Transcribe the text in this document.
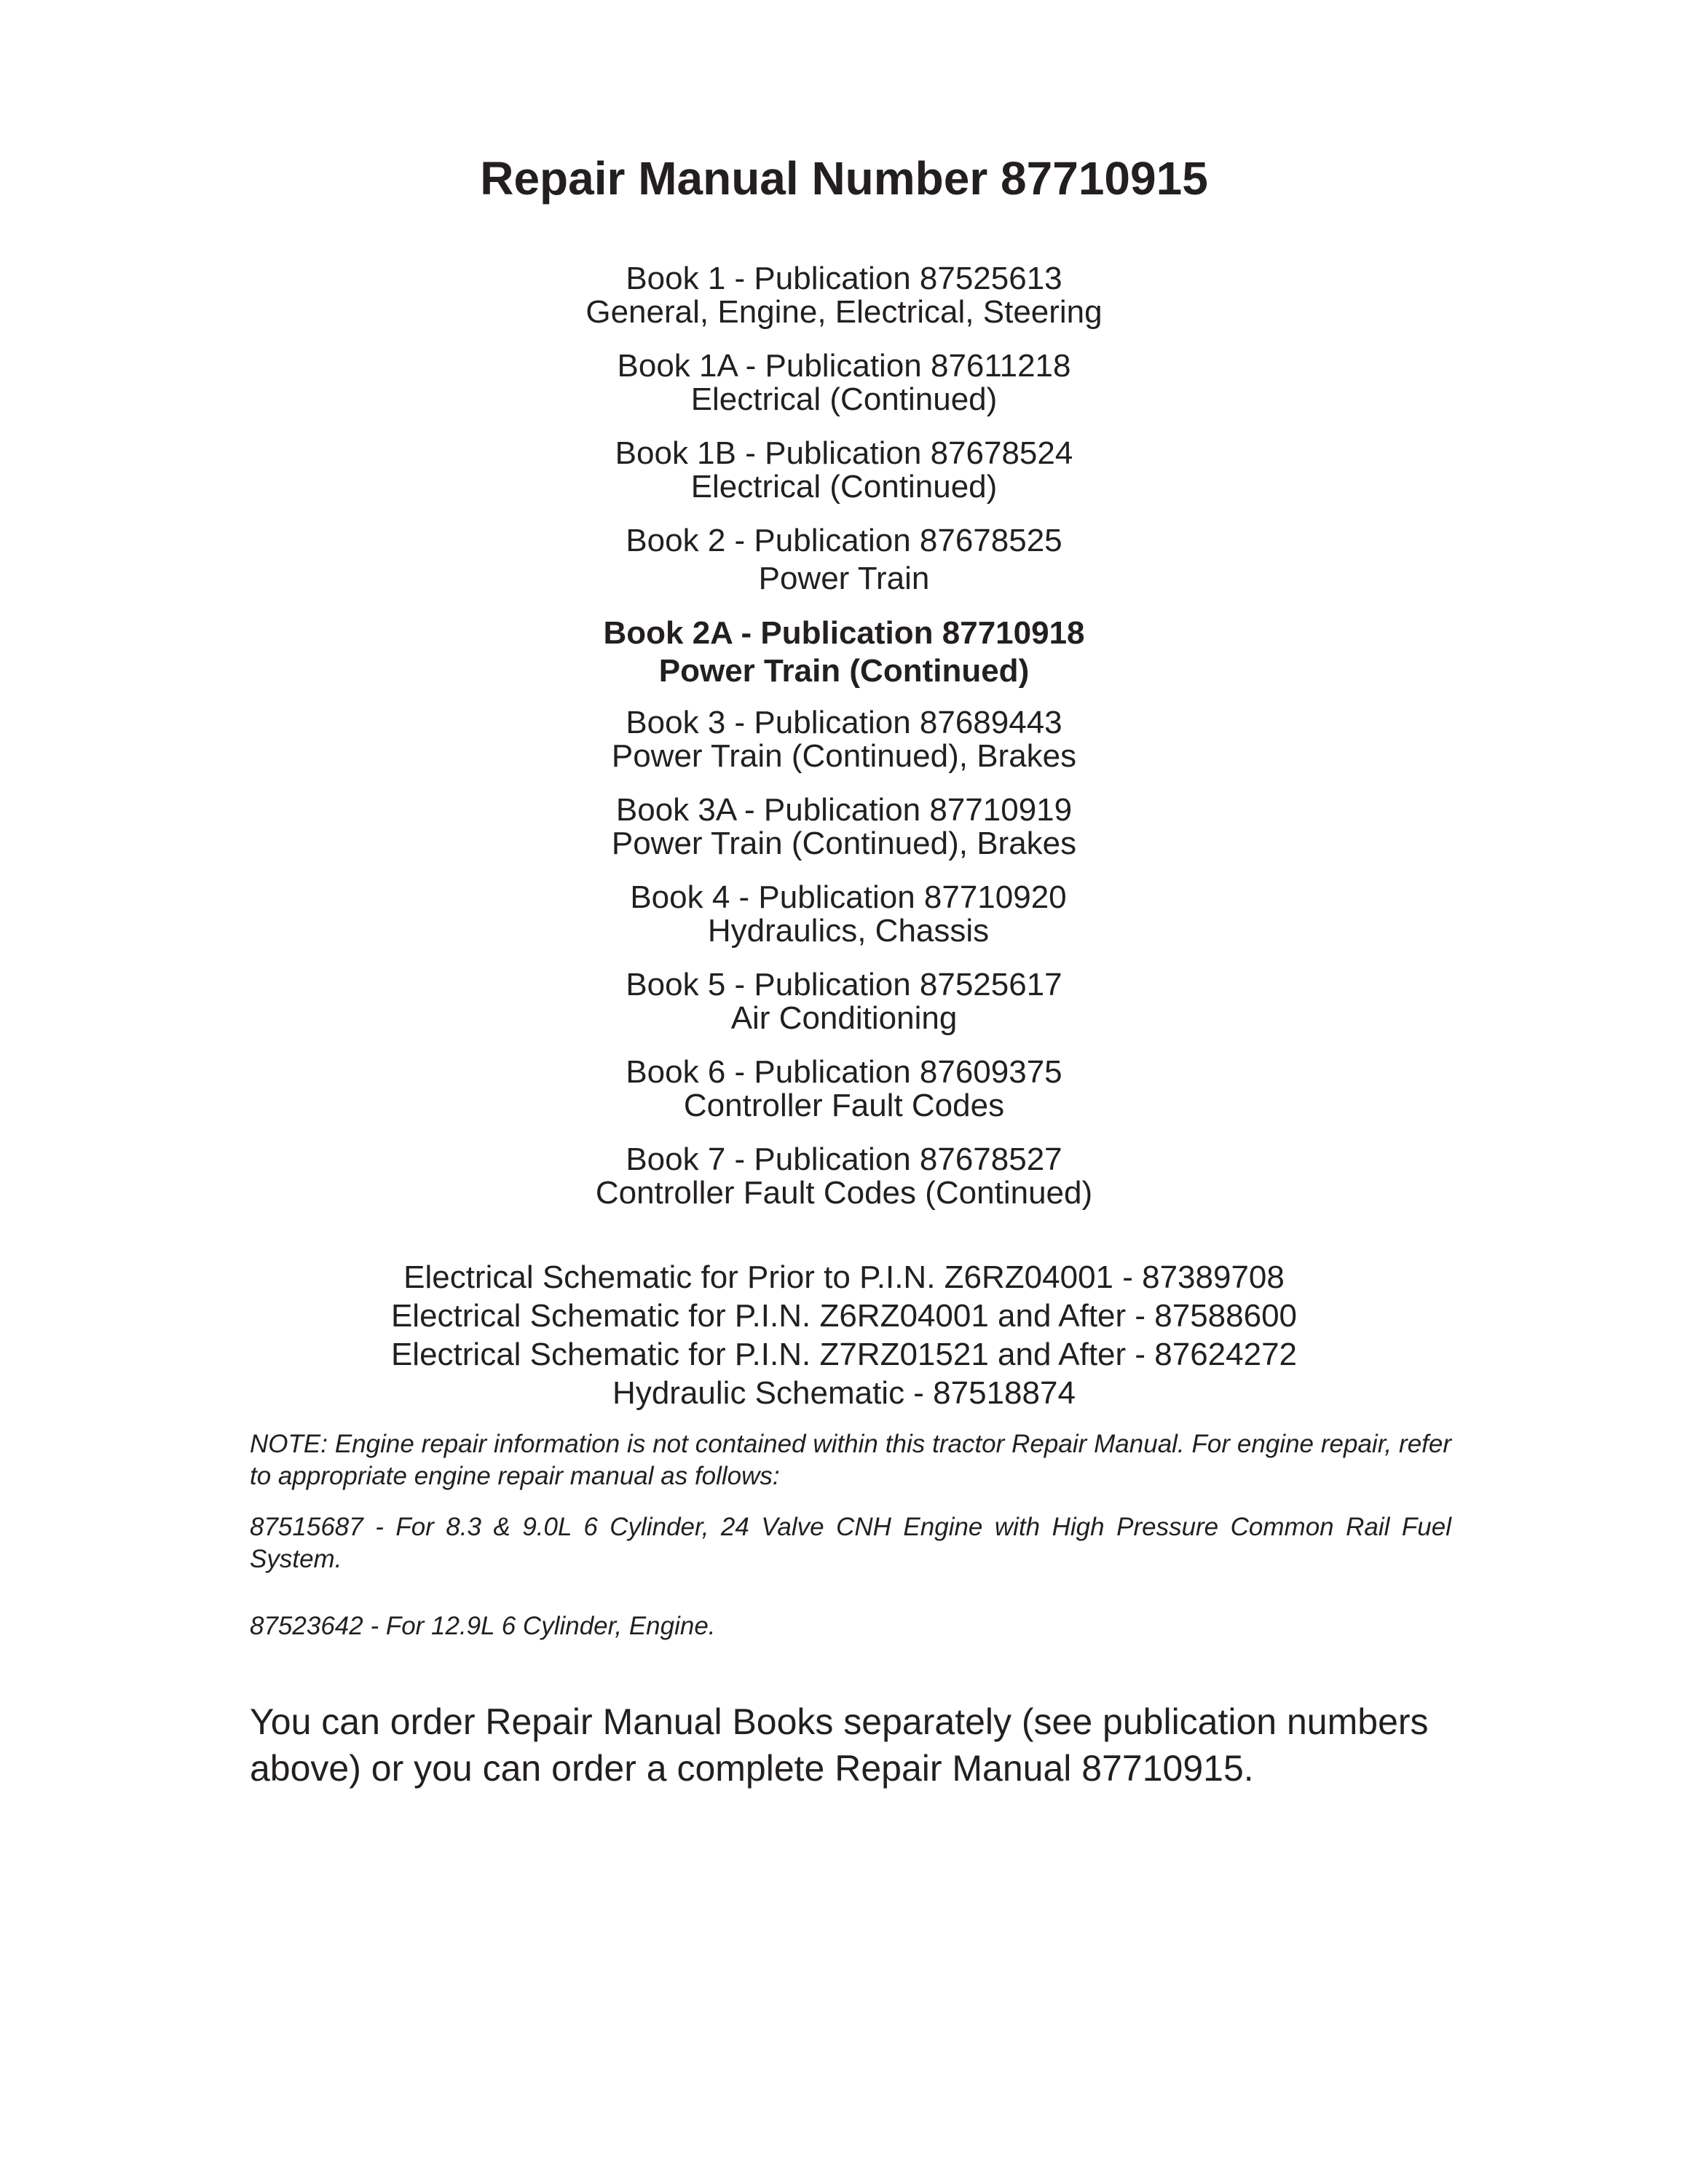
Repair Manual Number 87710915
Book 1 - Publication 87525613
General, Engine, Electrical, Steering
Book 1A - Publication 87611218
Electrical (Continued)
Book 1B - Publication 87678524
Electrical (Continued)
Book 2 - Publication 87678525
Power Train
Book 2A - Publication 87710918
Power Train (Continued)
Book 3 - Publication 87689443
Power Train (Continued), Brakes
Book 3A - Publication 87710919
Power Train (Continued), Brakes
Book 4 - Publication 87710920
Hydraulics, Chassis
Book 5 - Publication 87525617
Air Conditioning
Book 6 - Publication 87609375
Controller Fault Codes
Book 7 - Publication 87678527
Controller Fault Codes (Continued)
Electrical Schematic for Prior to P.I.N. Z6RZ04001 - 87389708
Electrical Schematic for P.I.N. Z6RZ04001 and After - 87588600
Electrical Schematic for P.I.N. Z7RZ01521 and After - 87624272
Hydraulic Schematic - 87518874
NOTE: Engine repair information is not contained within this tractor Repair Manual. For engine repair, refer to appropriate engine repair manual as follows:
87515687 - For 8.3 & 9.0L 6 Cylinder, 24 Valve CNH Engine with High Pressure Common Rail Fuel System.
87523642 - For 12.9L 6 Cylinder, Engine.
You can order Repair Manual Books separately (see publication numbers above) or you can order a complete Repair Manual 87710915.
